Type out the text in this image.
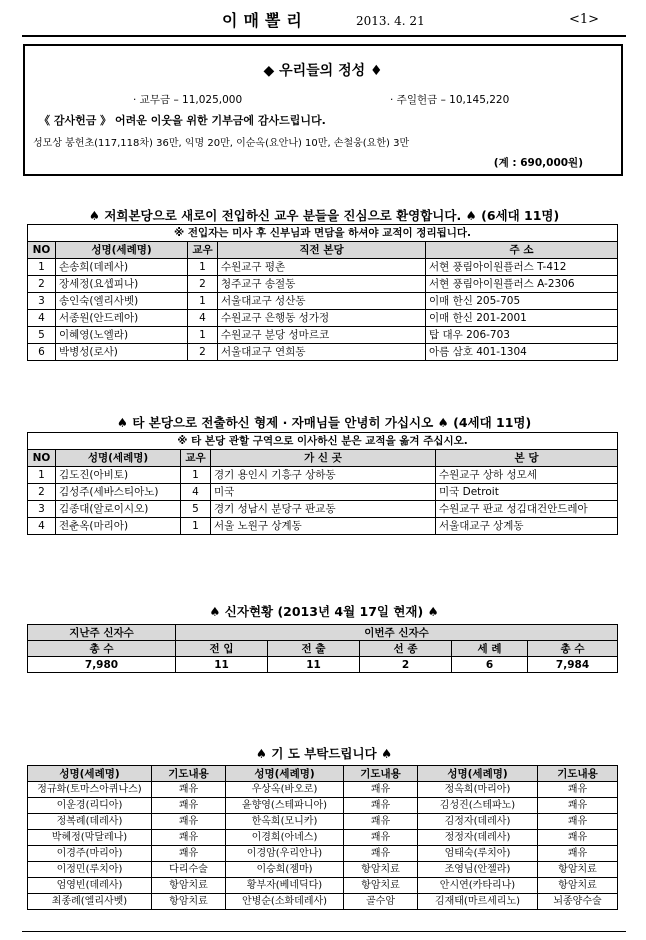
이매뽈리	2013. 4. 21	<1>
◆ 우리들의 정성 ♦
· 교무금 – 11,025,000	· 주일헌금 – 10,145,220
《 감사헌금 》 어려운 이웃을 위한 기부금에 감사드립니다.
성모상 봉헌초(117,118차) 36만, 익명 20만, 이순옥(요안나) 10만, 손철웅(요한) 3만
(계 : 690,000원)
♠ 저희본당으로 새로이 전입하신 교우 분들을 진심으로 환영합니다. ♠ (6세대 11명)
※ 전입자는 미사 후 신부님과 면담을 하셔야 교적이 정리됩니다.				
NO	성명(세례명)	교우	직전 본당	주 소
1	손송희(데레사)	1	수원교구 평촌	서현 풍림아이원플러스 T-412
2	장세정(요셉피나)	2	청주교구 송절동	서현 풍림아이원플러스 A-2306
3	송인숙(엘리사벳)	1	서울대교구 성산동	이매 한신 205-705
4	서종원(안드레아)	4	수원교구 은행동 성가정	이매 한신 201-2001
5	이혜영(노엘라)	1	수원교구 분당 성마르코	탑 대우 206-703
6	박병성(로사)	2	서울대교구 연희동	아름 삼호 401-1304
♠ 타 본당으로 전출하신 형제 · 자매님들 안녕히 가십시오 ♠ (4세대 11명)
※ 타 본당 관할 구역으로 이사하신 분은 교적을 옮겨 주십시오.				
NO	성명(세례명)	교우	가 신 곳	본 당
1	김도진(아비토)	1	경기 용인시 기흥구 상하동	수원교구 상하 성모세
2	김성주(세바스티아노)	4	미국	미국 Detroit
3	김종대(알로이시오)	5	경기 성남시 분당구 판교동	수원교구 판교 성김대건안드레아
4	전춘옥(마리아)	1	서울 노원구 상계동	서울대교구 상계동
♠ 신자현황 (2013년 4월 17일 현재) ♠
지난주 신자수	이번주 신자수				
총 수	전 입	전 출	선 종	세 례	총 수
7,980	11	11	2	6	7,984
♠ 기 도 부탁드립니다 ♠
성명(세례명)	기도내용	성명(세례명)	기도내용	성명(세례명)	기도내용
정규화(토마스아퀴나스)	쾌유	우상옥(바오로)	쾌유	정옥희(마리아)	쾌유
이운경(리디아)	쾌유	윤향영(스테파니아)	쾌유	김성진(스테파노)	쾌유
정복례(데레사)	쾌유	한옥희(모니카)	쾌유	김정자(데레사)	쾌유
박혜정(막달레나)	쾌유	이경희(아녜스)	쾌유	정정자(데레사)	쾌유
이경주(마리아)	쾌유	이경암(우리안나)	쾌유	엄태숙(루치아)	쾌유
이정민(루치아)	다리수술	이승희(젬마)	항암치료	조영님(안젤라)	항암치료
엄영빈(데레사)	항암치료	황부자(베네딕다)	항암치료	안시연(카타리나)	항암치료
최종례(엘리사벳)	항암치료	안병순(소화데레사)	골수암	김재태(마르세리노)	뇌종양수술
